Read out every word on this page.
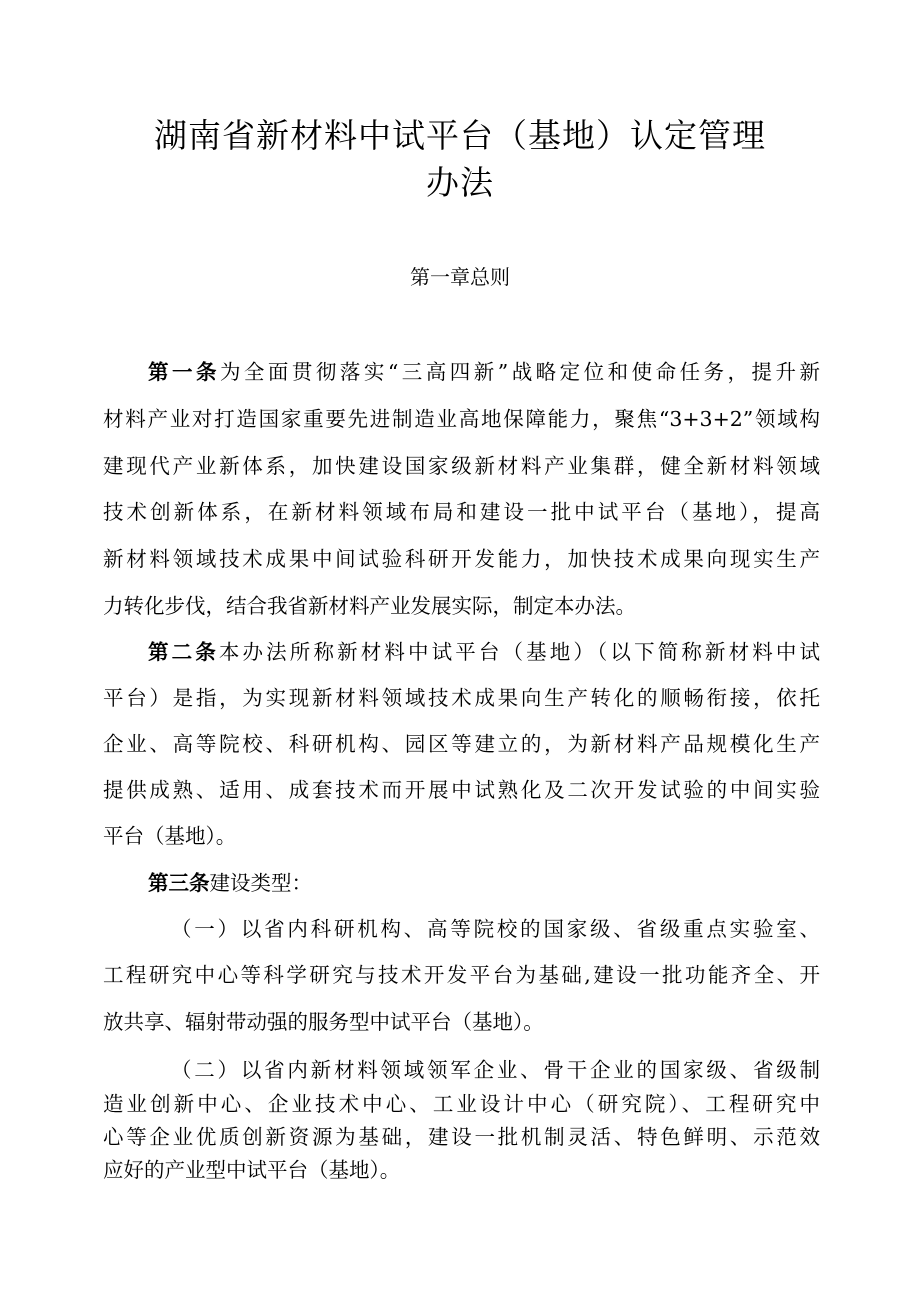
湖南省新材料中试平台（基地）认定管理
办法
第一章总则
第一条为全面贯彻落实“三高四新”战略定位和使命任务，提升新
材料产业对打造国家重要先进制造业高地保障能力，聚焦“3+3+2”领域构
建现代产业新体系，加快建设国家级新材料产业集群，健全新材料领域
技术创新体系，在新材料领域布局和建设一批中试平台（基地），提高
新材料领域技术成果中间试验科研开发能力，加快技术成果向现实生产
力转化步伐，结合我省新材料产业发展实际，制定本办法。
第二条本办法所称新材料中试平台（基地）（以下简称新材料中试
平台）是指，为实现新材料领域技术成果向生产转化的顺畅衔接，依托
企业、高等院校、科研机构、园区等建立的，为新材料产品规模化生产
提供成熟、适用、成套技术而开展中试熟化及二次开发试验的中间实验
平台（基地）。
第三条建设类型：
（一）以省内科研机构、高等院校的国家级、省级重点实验室、
工程研究中心等科学研究与技术开发平台为基础,建设一批功能齐全、开
放共享、辐射带动强的服务型中试平台（基地）。
（二）以省内新材料领域领军企业、骨干企业的国家级、省级制
造业创新中心、企业技术中心、工业设计中心（研究院）、工程研究中
心等企业优质创新资源为基础，建设一批机制灵活、特色鲜明、示范效
应好的产业型中试平台（基地）。
